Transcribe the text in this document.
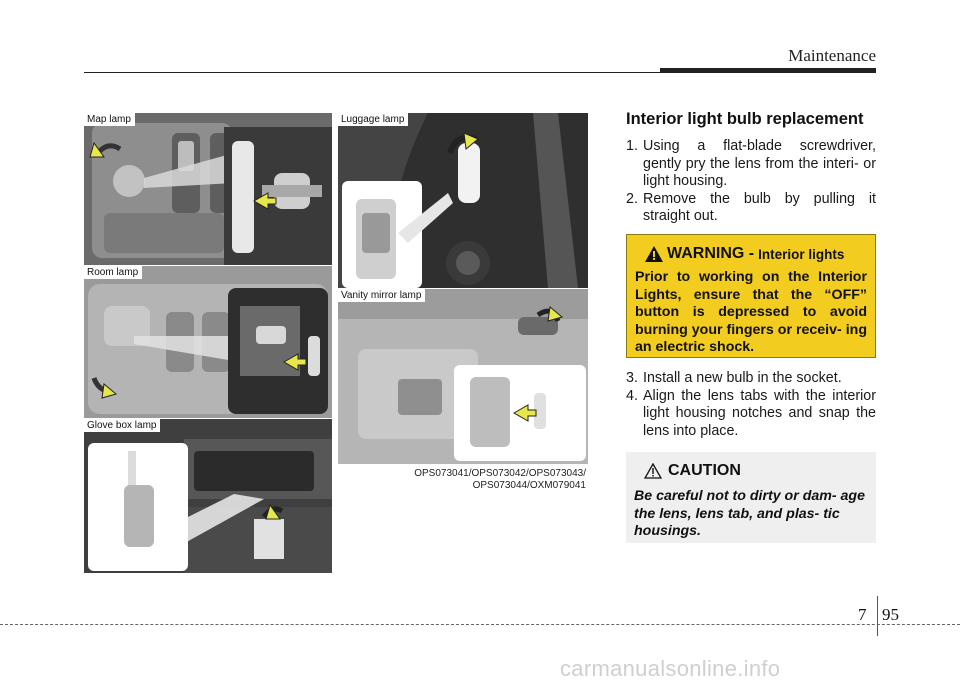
Maintenance
Map lamp
Room lamp
Glove box lamp
Luggage lamp
Vanity mirror lamp
OPS073041/OPS073042/OPS073043/
OPS073044/OXM079041
Interior light bulb replacement
1. Using a flat-blade screwdriver,
gently pry the lens from the interi- or light housing.
2. Remove the bulb by pulling it
straight out.
WARNING - Interior lights
Prior to working on the Interior Lights, ensure that the “OFF” button is depressed to avoid burning your fingers or receiv- ing an electric shock.
3. Install a new bulb in the socket.
4. Align the lens tabs with the interior
light housing notches and snap the lens into place.
CAUTION
Be careful not to dirty or dam- age the lens, lens tab, and plas- tic housings.
7 95
carmanualsonline.info
